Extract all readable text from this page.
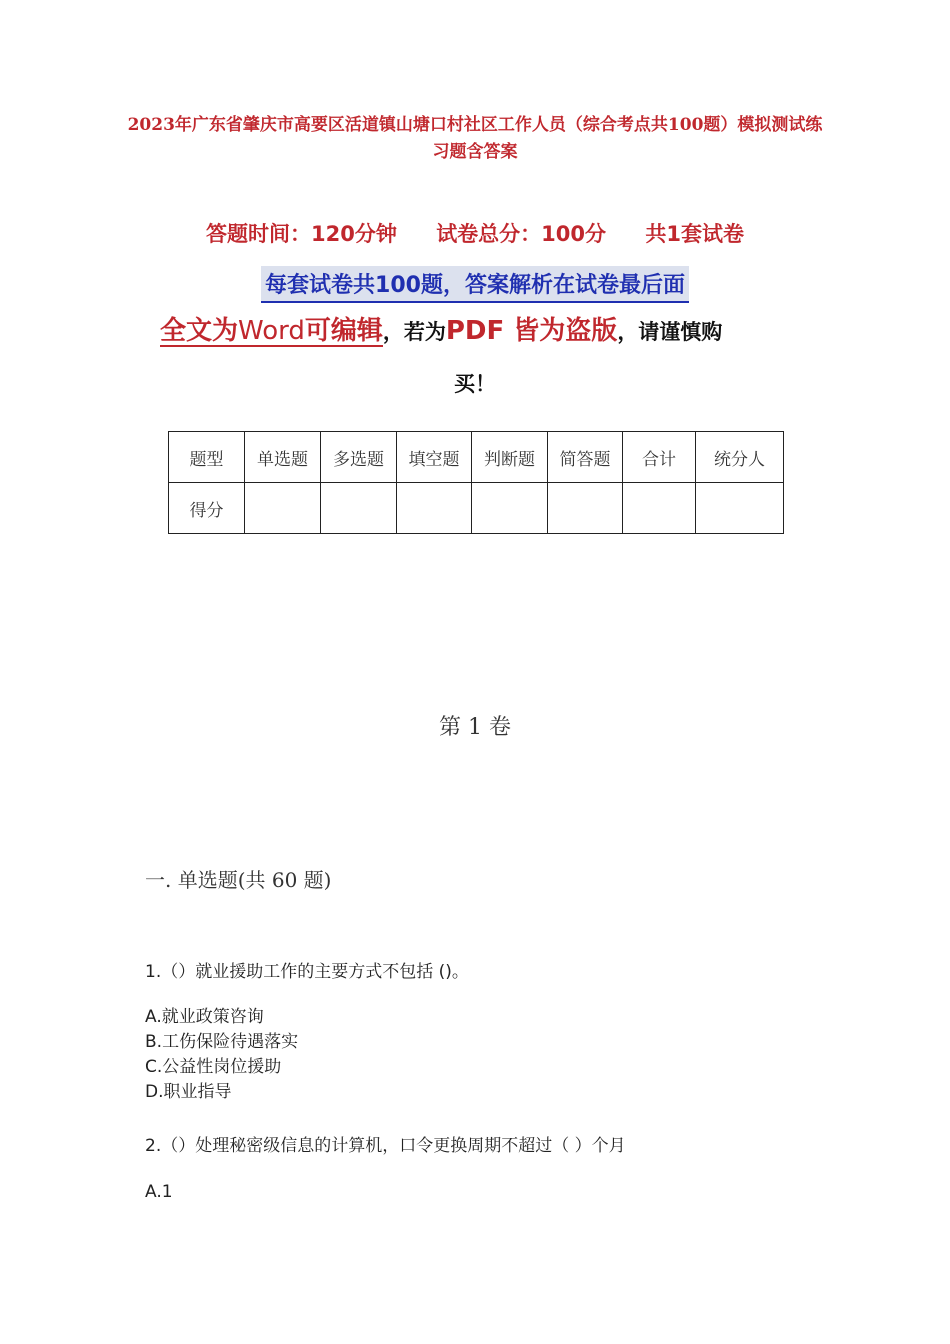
2023年广东省肇庆市高要区活道镇山塘口村社区工作人员（综合考点共100题）模拟测试练习题含答案
答题时间：120分钟 试卷总分：100分 共1套试卷
每套试卷共100题，答案解析在试卷最后面
全文为Word可编辑，若为PDF 皆为盗版，请谨慎购
买！
题型	单选题	多选题	填空题	判断题	简答题	合计	统分人
得分							
第 1 卷
一. 单选题(共 60 题)
1.（）就业援助工作的主要方式不包括 ()。
A.就业政策咨询
B.工伤保险待遇落实
C.公益性岗位援助
D.职业指导
2.（）处理秘密级信息的计算机，口令更换周期不超过（ ）个月
A.1
